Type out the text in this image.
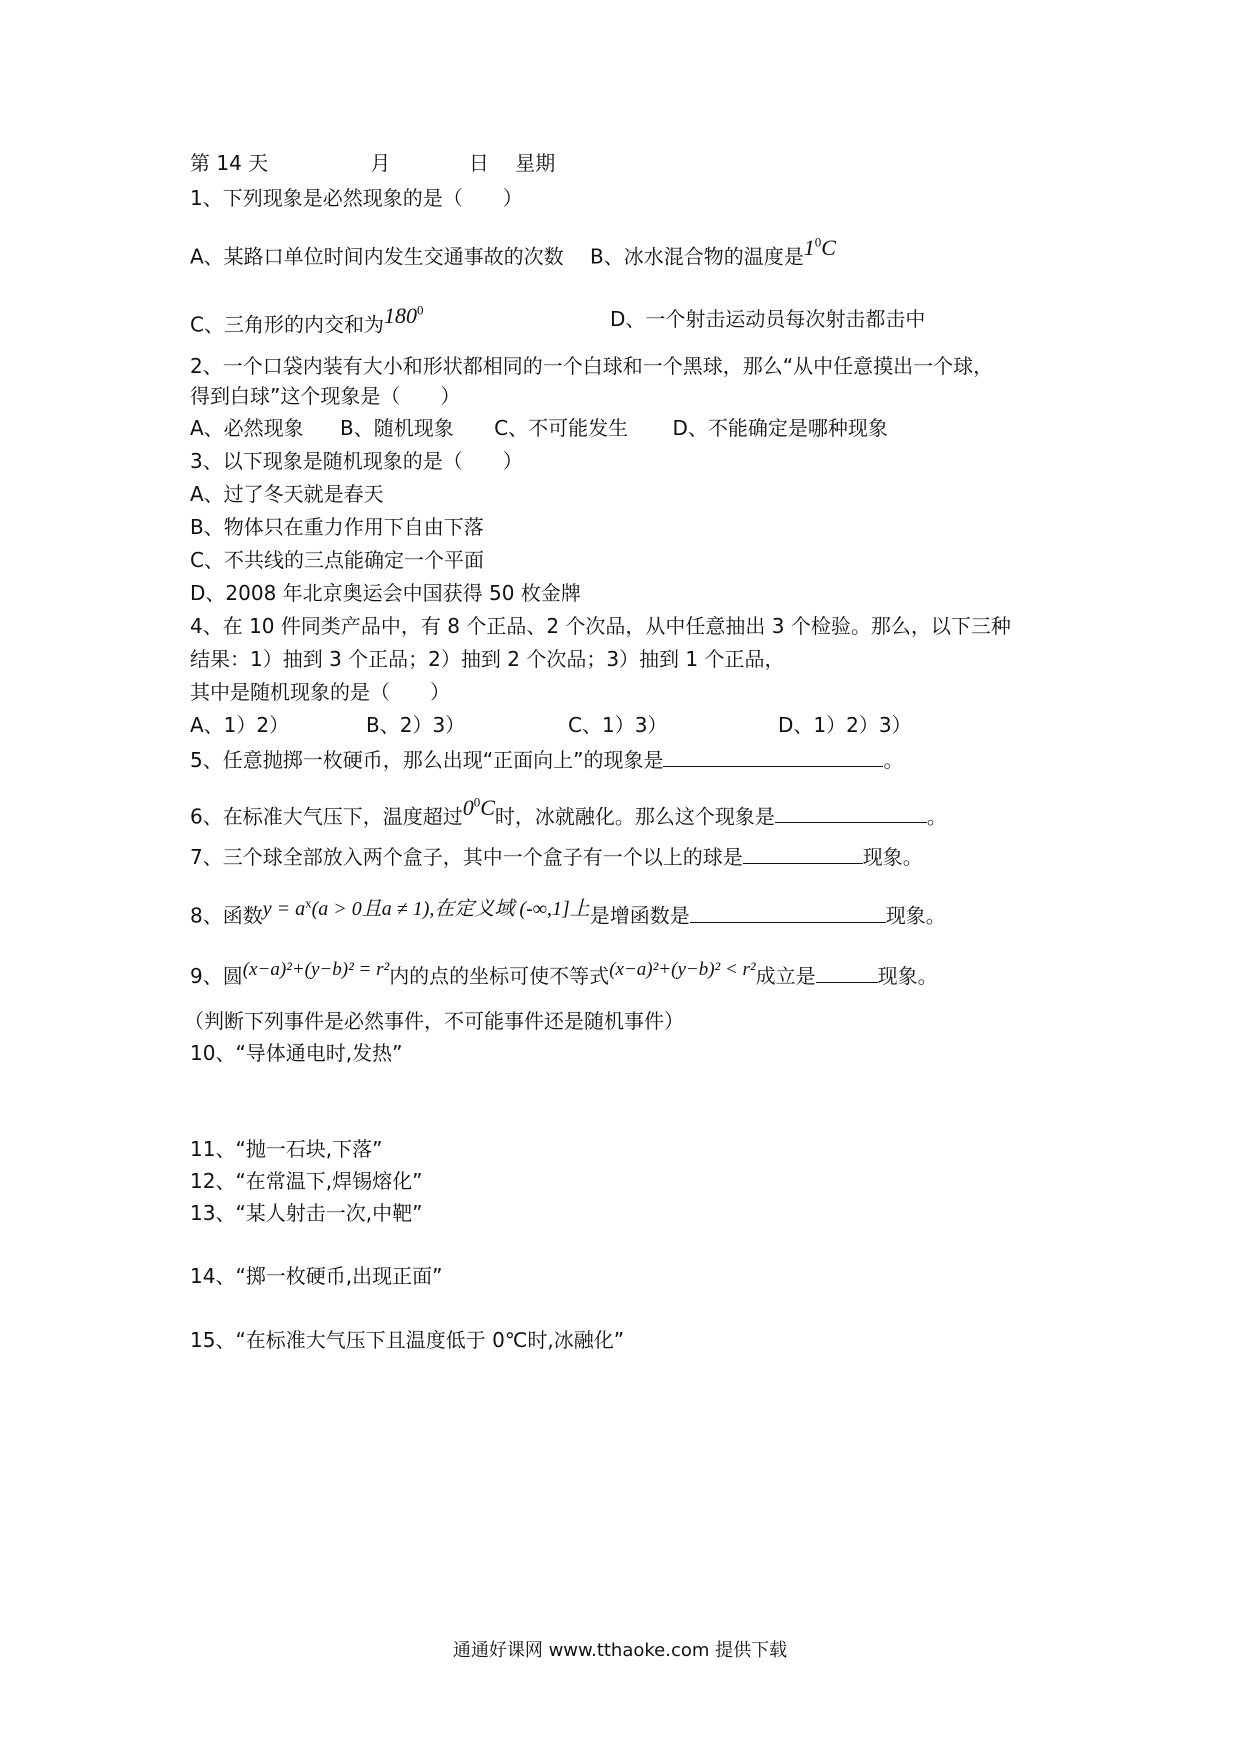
第 14 天	月	日 星期
1、下列现象是必然现象的是（　　）
A、某路口单位时间内发生交通事故的次数 B、冰水混合物的温度是$1^0C$
C、三角形的内交和为$180^0$	D、一个射击运动员每次射击都击中
2、一个口袋内装有大小和形状都相同的一个白球和一个黑球，那么“从中任意摸出一个球，
得到白球”这个现象是（　　）
A、必然现象 B、随机现象 C、不可能发生 D、不能确定是哪种现象
3、以下现象是随机现象的是（　　）
A、过了冬天就是春天
B、物体只在重力作用下自由下落
C、不共线的三点能确定一个平面
D、2008 年北京奥运会中国获得 50 枚金牌
4、在 10 件同类产品中，有 8 个正品、2 个次品，从中任意抽出 3 个检验。那么，以下三种
结果：1）抽到 3 个正品；2）抽到 2 个次品；3）抽到 1 个正品，
其中是随机现象的是（　　）
A、1）2）	B、2）3）	C、1）3）	D、1）2）3）
5、任意抛掷一枚硬币，那么出现“正面向上”的现象是	。
6、在标准大气压下，温度超过$0^0C$时，冰就融化。那么这个现象是	。
7、三个球全部放入两个盒子，其中一个盒子有一个以上的球是	现象。
8、函数$y = a^x(a > 0$且a ≠ 1),在定义域 (-∞,1]上是增函数是	现象。
9、圆(x−a)²+(y−b)² = r²内的点的坐标可使不等式(x−a)²+(y−b)² < r²成立是	现象。
（判断下列事件是必然事件，不可能事件还是随机事件）
10、“导体通电时,发热”
11、“抛一石块,下落”
12、“在常温下,焊锡熔化”
13、“某人射击一次,中靶”
14、“掷一枚硬币,出现正面”
15、“在标准大气压下且温度低于 0℃时,冰融化”
通通好课网 www.tthaoke.com 提供下载
